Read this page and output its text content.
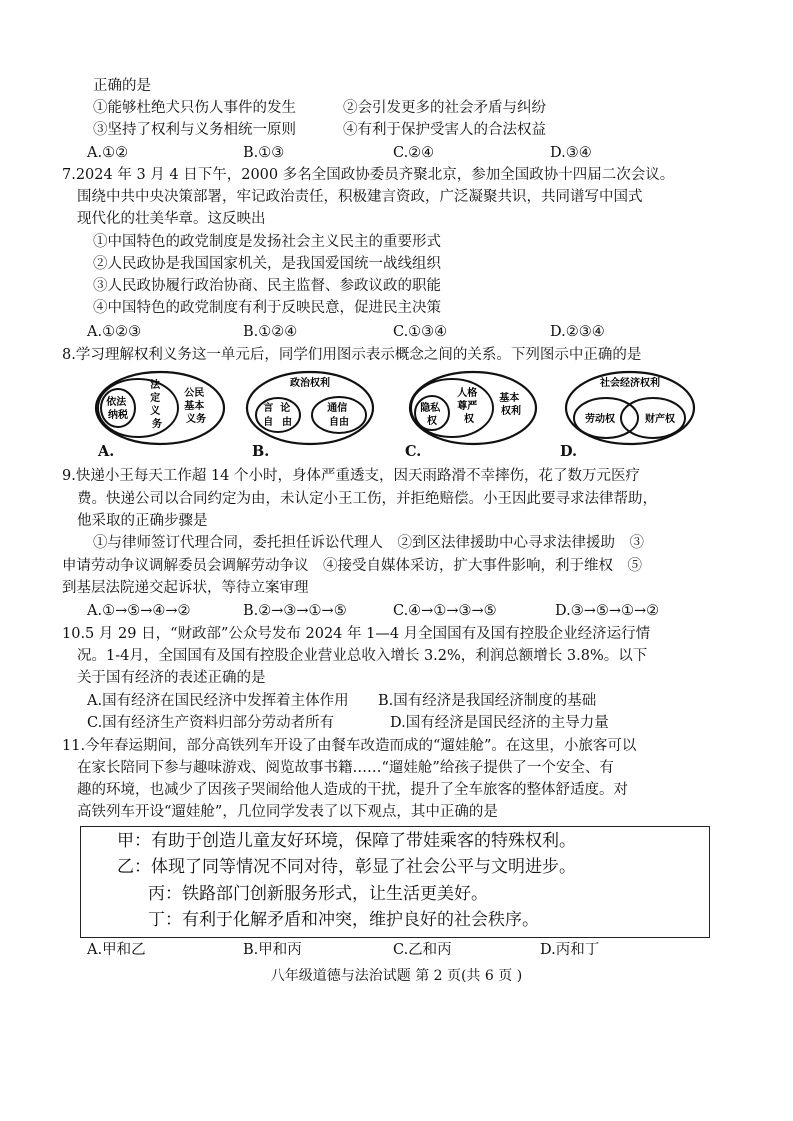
正确的是
①能够杜绝犬只伤人事件的发生	②会引发更多的社会矛盾与纠纷
③坚持了权利与义务相统一原则	④有利于保护受害人的合法权益
A.①②	B.①③	C.②④	D.③④
7.2024 年 3 月 4 日下午，2000 多名全国政协委员齐聚北京，参加全国政协十四届二次会议。
围绕中共中央决策部署，牢记政治责任，积极建言资政，广泛凝聚共识，共同谱写中国式
现代化的壮美华章。这反映出
①中国特色的政党制度是发扬社会主义民主的重要形式
②人民政协是我国国家机关，是我国爱国统一战线组织
③人民政协履行政治协商、民主监督、参政议政的职能
④中国特色的政党制度有利于反映民意，促进民主决策
A.①②③	B.①②④	C.①③④	D.②③④
8.学习理解权利义务这一单元后，同学们用图示表示概念之间的关系。下列图示中正确的是
依法 纳税
法 定 义 务
公民 基本 义务
政治权利
言 论 自 由
通信 自由
隐私 权
人格 尊严 权
基本 权利
社会经济权利
劳动权	财产权
A.	B.	C.	D.
9.快递小王每天工作超 14 个小时，身体严重透支，因天雨路滑不幸摔伤，花了数万元医疗
费。快递公司以合同约定为由，未认定小王工伤，并拒绝赔偿。小王因此要寻求法律帮助，
他采取的正确步骤是
①与律师签订代理合同，委托担任诉讼代理人　②到区法律援助中心寻求法律援助　③
申请劳动争议调解委员会调解劳动争议　④接受自媒体采访，扩大事件影响，利于维权　⑤
到基层法院递交起诉状，等待立案审理
A.①→⑤→④→②	B.②→③→①→⑤	C.④→①→③→⑤	D.③→⑤→①→②
10.5 月 29 日，“财政部”公众号发布 2024 年 1—4 月全国国有及国有控股企业经济运行情
况。1-4月，全国国有及国有控股企业营业总收入增长 3.2%，利润总额增长 3.8%。以下
关于国有经济的表述正确的是
A.国有经济在国民经济中发挥着主体作用 B.国有经济是我国经济制度的基础
C.国有经济生产资料归部分劳动者所有	D.国有经济是国民经济的主导力量
11.今年春运期间，部分高铁列车开设了由餐车改造而成的“遛娃舱”。在这里，小旅客可以
在家长陪同下参与趣味游戏、阅览故事书籍……“遛娃舱”给孩子提供了一个安全、有
趣的环境，也减少了因孩子哭闹给他人造成的干扰，提升了全车旅客的整体舒适度。对
高铁列车开设“遛娃舱”，几位同学发表了以下观点，其中正确的是
甲：有助于创造儿童友好环境，保障了带娃乘客的特殊权利。
乙：体现了同等情况不同对待，彰显了社会公平与文明进步。
丙：铁路部门创新服务形式，让生活更美好。
丁：有利于化解矛盾和冲突，维护良好的社会秩序。
A.甲和乙	B.甲和丙	C.乙和丙	D.丙和丁
八年级道德与法治试题 第 2 页(共 6 页 )
